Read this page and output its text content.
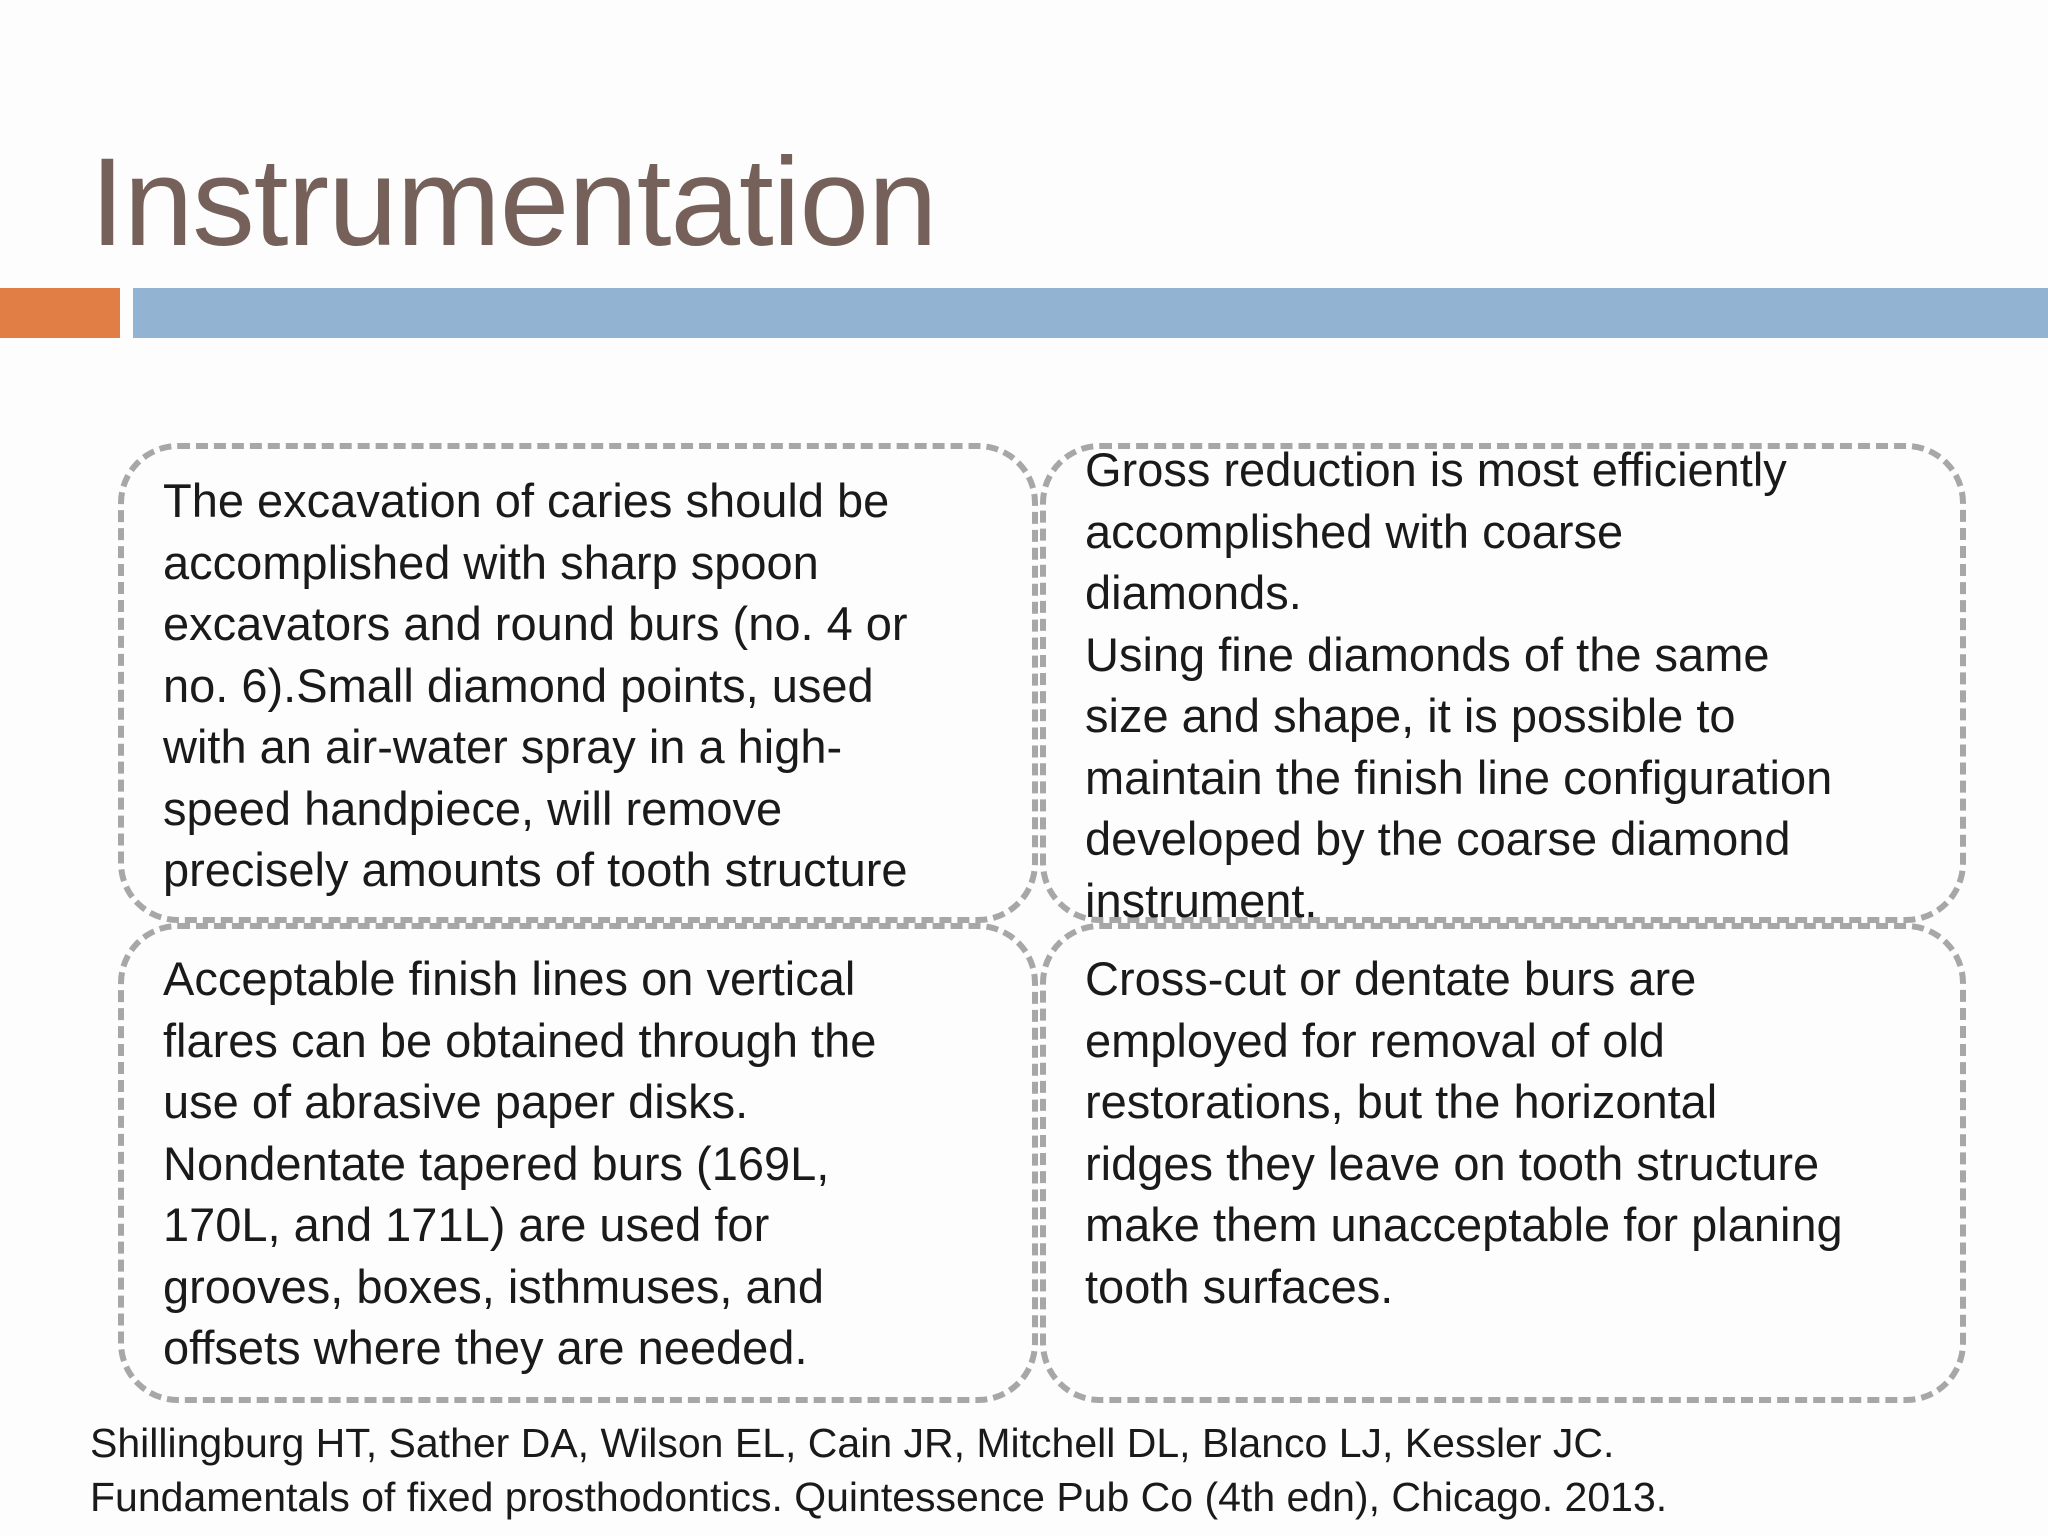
Instrumentation
The excavation of caries should be
accomplished with sharp spoon
excavators and round burs (no. 4 or
no. 6).Small diamond points, used
with an air-water spray in a high-
speed handpiece, will remove
precisely amounts of tooth structure
Gross reduction is most efficiently
accomplished with coarse
diamonds.
Using fine diamonds of the same
size and shape, it is possible to
maintain the finish line configuration
developed by the coarse diamond
instrument.
Acceptable finish lines on vertical
flares can be obtained through the
use of abrasive paper disks.
Nondentate tapered burs (169L,
170L, and 171L) are used for
grooves, boxes, isthmuses, and
offsets where they are needed.
Cross-cut or dentate burs are
employed for removal of old
restorations, but the horizontal
ridges they leave on tooth structure
make them unacceptable for planing
tooth surfaces.
Shillingburg HT, Sather DA, Wilson EL, Cain JR, Mitchell DL, Blanco LJ, Kessler JC.
Fundamentals of fixed prosthodontics. Quintessence Pub Co (4th edn), Chicago. 2013.
